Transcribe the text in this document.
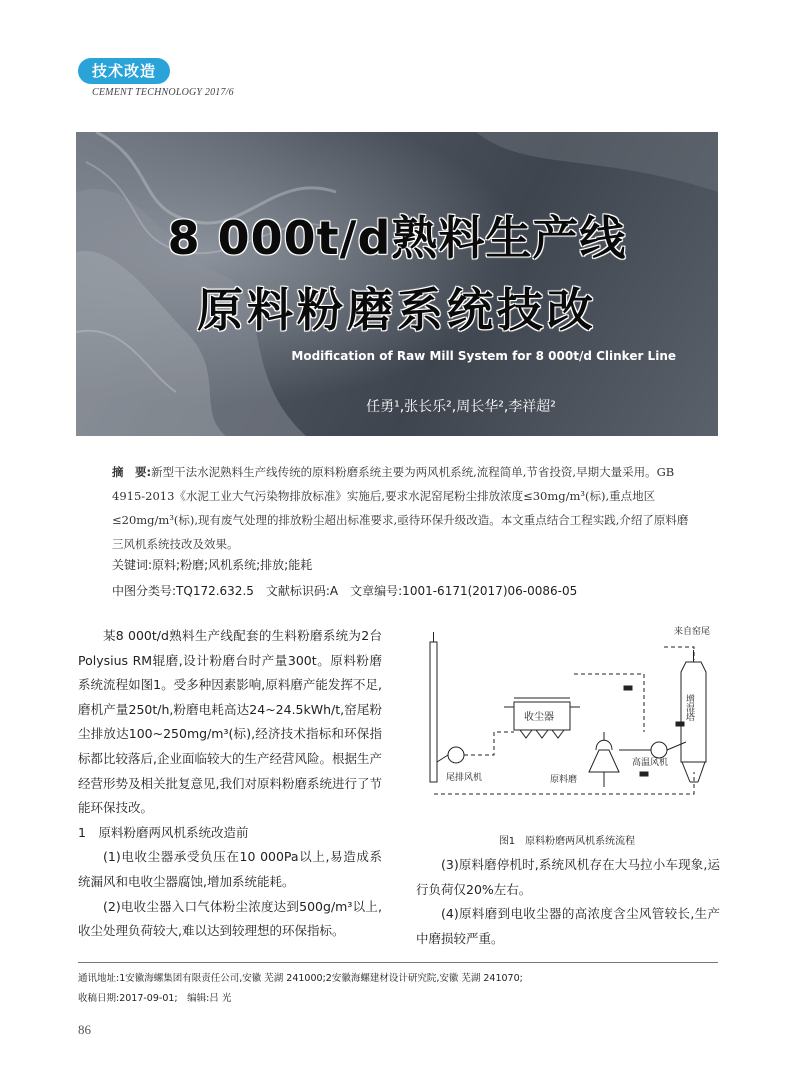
技术改造
CEMENT TECHNOLOGY 2017/6
8 000t/d熟料生产线
原料粉磨系统技改
Modification of Raw Mill System for 8 000t/d Clinker Line
任勇¹,张长乐²,周长华²,李祥超²
摘　要:新型干法水泥熟料生产线传统的原料粉磨系统主要为两风机系统,流程简单,节省投资,早期大量采用。GB 4915-2013《水泥工业大气污染物排放标准》实施后,要求水泥窑尾粉尘排放浓度≤30mg/m³(标),重点地区≤20mg/m³(标),现有废气处理的排放粉尘超出标准要求,亟待环保升级改造。本文重点结合工程实践,介绍了原料磨三风机系统技改及效果。
关键词:原料;粉磨;风机系统;排放;能耗
中图分类号:TQ172.632.5　文献标识码:A　文章编号:1001-6171(2017)06-0086-05

某8 000t/d熟料生产线配套的生料粉磨系统为2台Polysius RM辊磨,设计粉磨台时产量300t。原料粉磨系统流程如图1。受多种因素影响,原料磨产能发挥不足,磨机产量250t/h,粉磨电耗高达24~24.5kWh/t,窑尾粉尘排放达100~250mg/m³(标),经济技术指标和环保指标都比较落后,企业面临较大的生产经营风险。根据生产经营形势及相关批复意见,我们对原料粉磨系统进行了节能环保技改。

1　原料粉磨两风机系统改造前

(1)电收尘器承受负压在10 000Pa以上,易造成系统漏风和电收尘器腐蚀,增加系统能耗。

(2)电收尘器入口气体粉尘浓度达到500g/m³以上,收尘处理负荷较大,难以达到较理想的环保指标。

来自窑尾
收尘器	增湿塔
尾排风机	原料磨
高温风机
图1　原料粉磨两风机系统流程

(3)原料磨停机时,系统风机存在大马拉小车现象,运行负荷仅20%左右。

(4)原料磨到电收尘器的高浓度含尘风管较长,生产中磨损较严重。

通讯地址:1安徽海螺集团有限责任公司,安徽 芜湖 241000;2安徽海螺建材设计研究院,安徽 芜湖 241070;
收稿日期:2017-09-01;　编辑:吕 光
86
